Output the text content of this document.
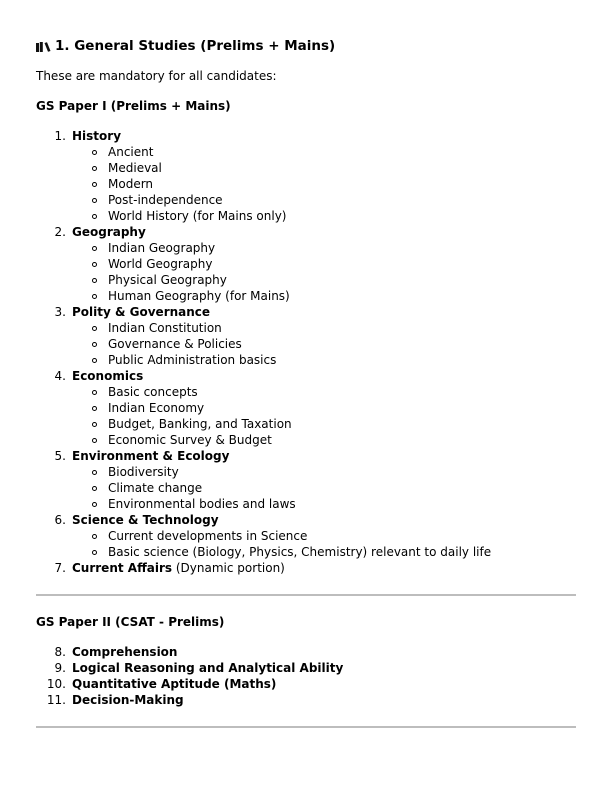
1. General Studies (Prelims + Mains)

These are mandatory for all candidates:

GS Paper I (Prelims + Mains)
1. History
Ancient
Medieval
Modern
Post-independence
World History (for Mains only)
2. Geography
Indian Geography
World Geography
Physical Geography
Human Geography (for Mains)
3. Polity & Governance
Indian Constitution
Governance & Policies
Public Administration basics
4. Economics
Basic concepts
Indian Economy
Budget, Banking, and Taxation
Economic Survey & Budget
5. Environment & Ecology
Biodiversity
Climate change
Environmental bodies and laws
6. Science & Technology
Current developments in Science
Basic science (Biology, Physics, Chemistry) relevant to daily life
7. Current Affairs (Dynamic portion)
GS Paper II (CSAT - Prelims)
8. Comprehension
9. Logical Reasoning and Analytical Ability
10. Quantitative Aptitude (Maths)
11. Decision-Making
